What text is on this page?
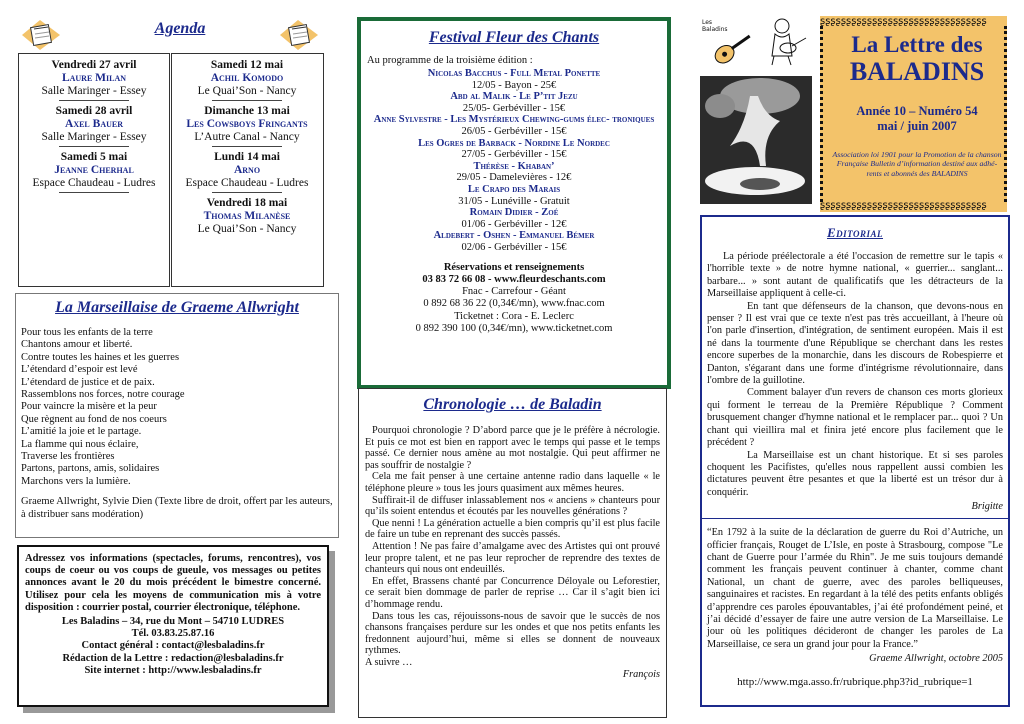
Agenda
Vendredi 27 avril
Laure Milan
Salle Maringer - Essey
Samedi 28 avril
Axel Bauer
Salle Maringer - Essey
Samedi 5 mai
Jeanne Cherhal
Espace Chaudeau - Ludres
Samedi 12 mai
Achil Komodo
Le Quai’Son - Nancy
Dimanche 13 mai
Les Cowsboys Fringants
L’Autre Canal - Nancy
Lundi 14 mai
Arno
Espace Chaudeau - Ludres
Vendredi 18 mai
Thomas Milanèse
Le Quai’Son - Nancy
La Marseillaise de Graeme Allwright
Pour tous les enfants de la terre
Chantons amour et liberté.
Contre toutes les haines et les guerres
L’étendard d’espoir est levé
L’étendard de justice et de paix.
Rassemblons nos forces, notre courage
Pour vaincre la misère et la peur
Que règnent au fond de nos coeurs
L’amitié la joie et le partage.
La flamme qui nous éclaire,
Traverse les frontières
Partons, partons, amis, solidaires
Marchons vers la lumière.
Graeme Allwright, Sylvie Dien (Texte libre de droit, offert par les auteurs, à distribuer sans modération)
Adressez vos informations (spectacles, forums, rencontres), vos coups de coeur ou vos coups de gueule, vos messages ou petites annonces avant le 20 du mois précédent le bimestre concerné. Utilisez pour cela les moyens de communication mis à votre disposition : courrier postal, courrier électronique, téléphone.
Les Baladins – 34, rue du Mont – 54710 LUDRES
Tél. 03.83.25.87.16
Contact général : contact@lesbaladins.fr
Rédaction de la Lettre : redaction@lesbaladins.fr
Site internet : http://www.lesbaladins.fr
Festival Fleur des Chants
Au programme de la troisième édition :
Nicolas Bacchus - Full Metal Ponette
12/05 - Bayon - 25€
Abd al Malik - Le P’tit Jezu
25/05- Gerbéviller - 15€
Anne Sylvestre - Les Mystérieux Chewing-gums élec- troniques
26/05 - Gerbéviller - 15€
Les Ogres de Barback - Nordine Le Nordec
27/05 - Gerbéviller - 15€
Thérèse - Khaban’
29/05 - Damelevières - 12€
Le Crapo des Marais
31/05 - Lunéville - Gratuit
Romain Didier - Zoé
01/06 - Gerbéviller - 12€
Aldebert - Oshen - Emmanuel Bémer
02/06 - Gerbéviller - 15€
Réservations et renseignements
03 83 72 66 08 - www.fleurdeschants.com
Fnac - Carrefour - Géant
0 892 68 36 22 (0,34€/mn), www.fnac.com
Ticketnet : Cora - E. Leclerc
0 892 390 100 (0,34€/mn), www.ticketnet.com
Chronologie … de Baladin

Pourquoi chronologie ? D’abord parce que je le préfère à nécrologie. Et puis ce mot est bien en rapport avec le temps qui passe et le temps passé. Ce dernier nous amène au mot nostalgie. Qui peut affirmer ne pas souffrir de nostalgie ?

Cela me fait penser à une certaine antenne radio dans laquelle « le téléphone pleure » tous les jours quasiment aux mêmes heures.

Suffirait-il de diffuser inlassablement nos « anciens » chanteurs pour qu’ils soient entendus et écoutés par les nouvelles générations ?

Que nenni ! La génération actuelle a bien compris qu’il est plus facile de faire un tube en reprenant des succès passés.

Attention ! Ne pas faire d’amalgame avec des Artistes qui ont prouvé leur propre talent, et ne pas leur reprocher de reprendre des textes de chanteurs qui nous ont endeuillés.

En effet, Brassens chanté par Concurrence Déloyale ou Leforestier, ce serait bien dommage de parler de reprise … Car il s’agit bien ici d’hommage rendu.

Dans tous les cas, réjouissons-nous de savoir que le succès de nos chansons françaises perdure sur les ondes et que nos petits enfants les fredonnent aujourd’hui, même si elles se donnent de nouveaux rythmes.

A suivre …

François
Les
Baladins
ʂʂʂʂʂʂʂʂʂʂʂʂʂʂʂʂʂʂʂʂʂʂʂʂʂʂʂʂʂʂʂʂ
ʂʂʂʂʂʂʂʂʂʂʂʂʂʂʂʂʂʂʂʂʂʂʂʂʂʂʂʂʂʂʂʂ
La Lettre des
BALADINS
Année 10 – Numéro 54
mai / juin 2007
Association loi 1901 pour la Promotion de la chanson Française Bulletin d’information destiné aux adhé- rents et abonnés des BALADINS
Editorial

La période préélectorale a été l'occasion de remettre sur le tapis « l'horrible texte » de notre hymne national, « guerrier... sanglant... barbare... » sont autant de qualificatifs que les détracteurs de la Marseillaise appliquent à celle-ci.

En tant que défenseurs de la chanson, que devons-nous en penser ? Il est vrai que ce texte n'est pas très accueillant, à l'heure où l'on parle d'insertion, d'intégration, de sentiment européen. Mais il est né dans la tourmente d'une République se cherchant dans les restes encore superbes de la monarchie, dans les discours de Robespierre et Danton, s'égarant dans une forme d'intégrisme révolutionnaire, dans l'ombre de la guillotine.

Comment balayer d'un revers de chanson ces morts glorieux qui forment le terreau de la Première République ? Comment brusquement changer d'hymne national et le remplacer par... quoi ? Un chant qui vieillira mal et finira jeté encore plus facilement que le précédent ?

La Marseillaise est un chant historique. Et si ses paroles choquent les Pacifistes, qu'elles nous rappellent aussi combien les dictatures peuvent être pesantes et que la liberté est un trésor dur à conquérir.

Brigitte
“En 1792 à la suite de la déclaration de guerre du Roi d’Autriche, un officier français, Rouget de L’Isle, en poste à Strasbourg, compose "Le chant de Guerre pour l’armée du Rhin". Je me suis toujours demandé comment les français peuvent continuer à chanter, comme chant National, un chant de guerre, avec des paroles belliqueuses, sanguinaires et racistes. En regardant à la télé des petits enfants obligés d’apprendre ces paroles épouvantables, j’ai été profondément peiné, et j’ai décidé d’essayer de faire une autre version de La Marseillaise. Le jour où les politiques décideront de changer les paroles de La Marseillaise, ce sera un grand jour pour la France.”
Graeme Allwright, octobre 2005
http://www.mga.asso.fr/rubrique.php3?id_rubrique=1
